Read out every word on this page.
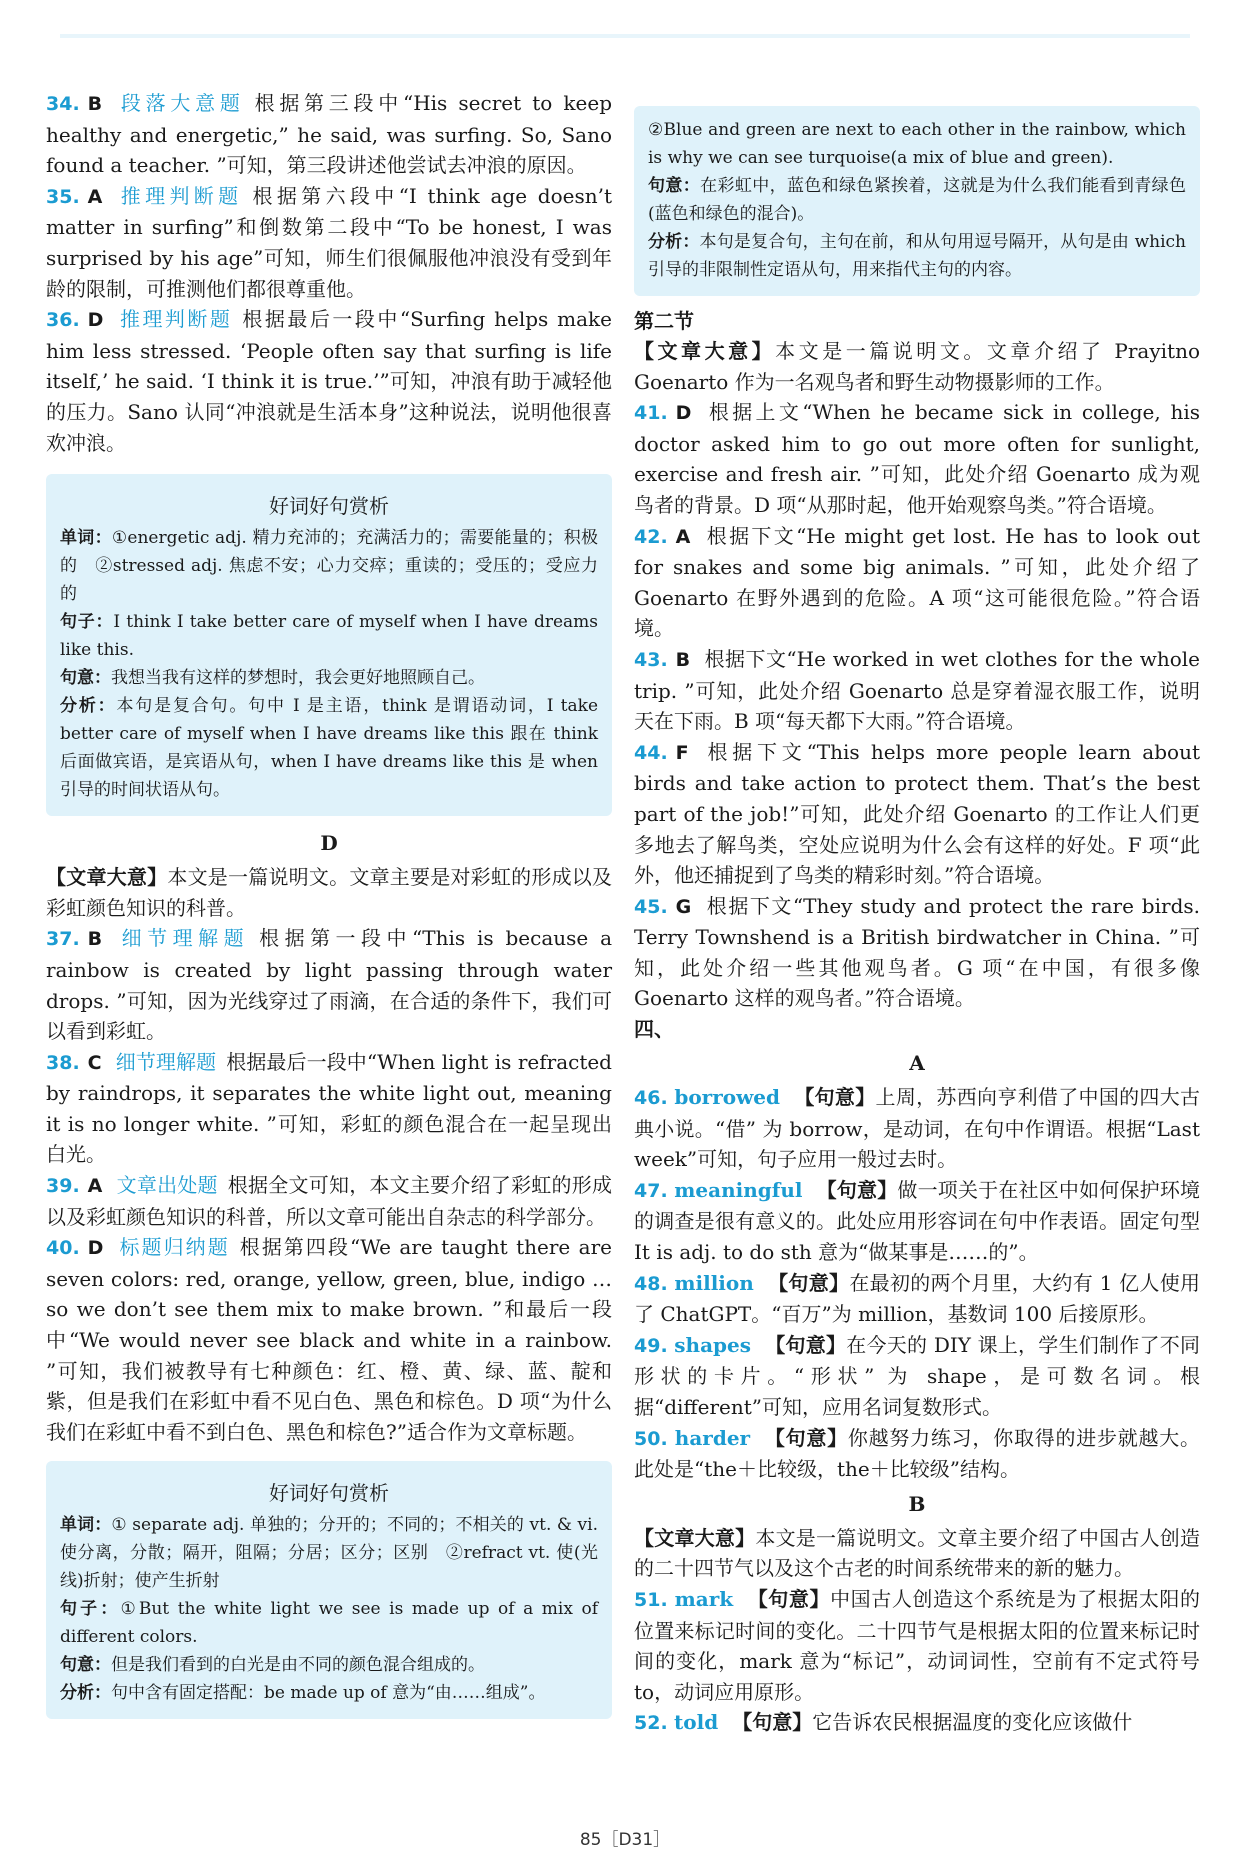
34. B 段落大意题 根据第三段中“His secret to keep healthy and energetic,” he said, was surfing. So, Sano found a teacher. ”可知，第三段讲述他尝试去冲浪的原因。

35. A 推理判断题 根据第六段中“I think age doesn’t matter in surfing”和倒数第二段中“To be honest, I was surprised by his age”可知，师生们很佩服他冲浪没有受到年龄的限制，可推测他们都很尊重他。

36. D 推理判断题 根据最后一段中“Surfing helps make him less stressed. ‘People often say that surfing is life itself,’ he said. ‘I think it is true.’”可知，冲浪有助于减轻他的压力。Sano 认同“冲浪就是生活本身”这种说法，说明他很喜欢冲浪。

好词好句赏析

单词：①energetic adj. 精力充沛的；充满活力的；需要能量的；积极的　②stressed adj. 焦虑不安；心力交瘁；重读的；受压的；受应力的

句子：I think I take better care of myself when I have dreams like this.

句意：我想当我有这样的梦想时，我会更好地照顾自己。

分析：本句是复合句。句中 I 是主语，think 是谓语动词，I take better care of myself when I have dreams like this 跟在 think 后面做宾语，是宾语从句，when I have dreams like this 是 when 引导的时间状语从句。

D

【文章大意】本文是一篇说明文。文章主要是对彩虹的形成以及彩虹颜色知识的科普。

37. B 细节理解题 根据第一段中“This is because a rainbow is created by light passing through water drops. ”可知，因为光线穿过了雨滴，在合适的条件下，我们可以看到彩虹。

38. C 细节理解题 根据最后一段中“When light is refracted by raindrops, it separates the white light out, meaning it is no longer white. ”可知，彩虹的颜色混合在一起呈现出白光。

39. A 文章出处题 根据全文可知，本文主要介绍了彩虹的形成以及彩虹颜色知识的科普，所以文章可能出自杂志的科学部分。

40. D 标题归纳题 根据第四段“We are taught there are seven colors: red, orange, yellow, green, blue, indigo … so we don’t see them mix to make brown. ”和最后一段中“We would never see black and white in a rainbow. ”可知，我们被教导有七种颜色：红、橙、黄、绿、蓝、靛和紫，但是我们在彩虹中看不见白色、黑色和棕色。D 项“为什么我们在彩虹中看不到白色、黑色和棕色?”适合作为文章标题。

好词好句赏析

单词：① separate adj. 单独的；分开的；不同的；不相关的 vt. & vi. 使分离，分散；隔开，阻隔；分居；区分；区别　②refract vt. 使(光线)折射；使产生折射

句子：①But the white light we see is made up of a mix of different colors.

句意：但是我们看到的白光是由不同的颜色混合组成的。

分析：句中含有固定搭配：be made up of 意为“由……组成”。

②Blue and green are next to each other in the rainbow, which is why we can see turquoise(a mix of blue and green).

句意：在彩虹中，蓝色和绿色紧挨着，这就是为什么我们能看到青绿色(蓝色和绿色的混合)。

分析：本句是复合句，主句在前，和从句用逗号隔开，从句是由 which 引导的非限制性定语从句，用来指代主句的内容。

第二节

【文章大意】本文是一篇说明文。文章介绍了 Prayitno Goenarto 作为一名观鸟者和野生动物摄影师的工作。

41. D 根据上文“When he became sick in college, his doctor asked him to go out more often for sunlight, exercise and fresh air. ”可知，此处介绍 Goenarto 成为观鸟者的背景。D 项“从那时起，他开始观察鸟类。”符合语境。

42. A 根据下文“He might get lost. He has to look out for snakes and some big animals. ”可知，此处介绍了 Goenarto 在野外遇到的危险。A 项“这可能很危险。”符合语境。

43. B 根据下文“He worked in wet clothes for the whole trip. ”可知，此处介绍 Goenarto 总是穿着湿衣服工作，说明天在下雨。B 项“每天都下大雨。”符合语境。

44. F 根据下文“This helps more people learn about birds and take action to protect them. That’s the best part of the job!”可知，此处介绍 Goenarto 的工作让人们更多地去了解鸟类，空处应说明为什么会有这样的好处。F 项“此外，他还捕捉到了鸟类的精彩时刻。”符合语境。

45. G 根据下文“They study and protect the rare birds. Terry Townshend is a British birdwatcher in China. ”可知，此处介绍一些其他观鸟者。G 项“在中国，有很多像 Goenarto 这样的观鸟者。”符合语境。

四、
A

46. borrowed 【句意】上周，苏西向亨利借了中国的四大古典小说。“借” 为 borrow，是动词，在句中作谓语。根据“Last week”可知，句子应用一般过去时。

47. meaningful 【句意】做一项关于在社区中如何保护环境的调查是很有意义的。此处应用形容词在句中作表语。固定句型 It is adj. to do sth 意为“做某事是……的”。

48. million 【句意】在最初的两个月里，大约有 1 亿人使用了 ChatGPT。“百万”为 million，基数词 100 后接原形。

49. shapes 【句意】在今天的 DIY 课上，学生们制作了不同形状的卡片。“形状” 为 shape，是可数名词。根据“different”可知，应用名词复数形式。

50. harder 【句意】你越努力练习，你取得的进步就越大。此处是“the＋比较级，the＋比较级”结构。

B

【文章大意】本文是一篇说明文。文章主要介绍了中国古人创造的二十四节气以及这个古老的时间系统带来的新的魅力。

51. mark 【句意】中国古人创造这个系统是为了根据太阳的位置来标记时间的变化。二十四节气是根据太阳的位置来标记时间的变化，mark 意为“标记”，动词词性，空前有不定式符号 to，动词应用原形。

52. told 【句意】它告诉农民根据温度的变化应该做什

85［D31］
